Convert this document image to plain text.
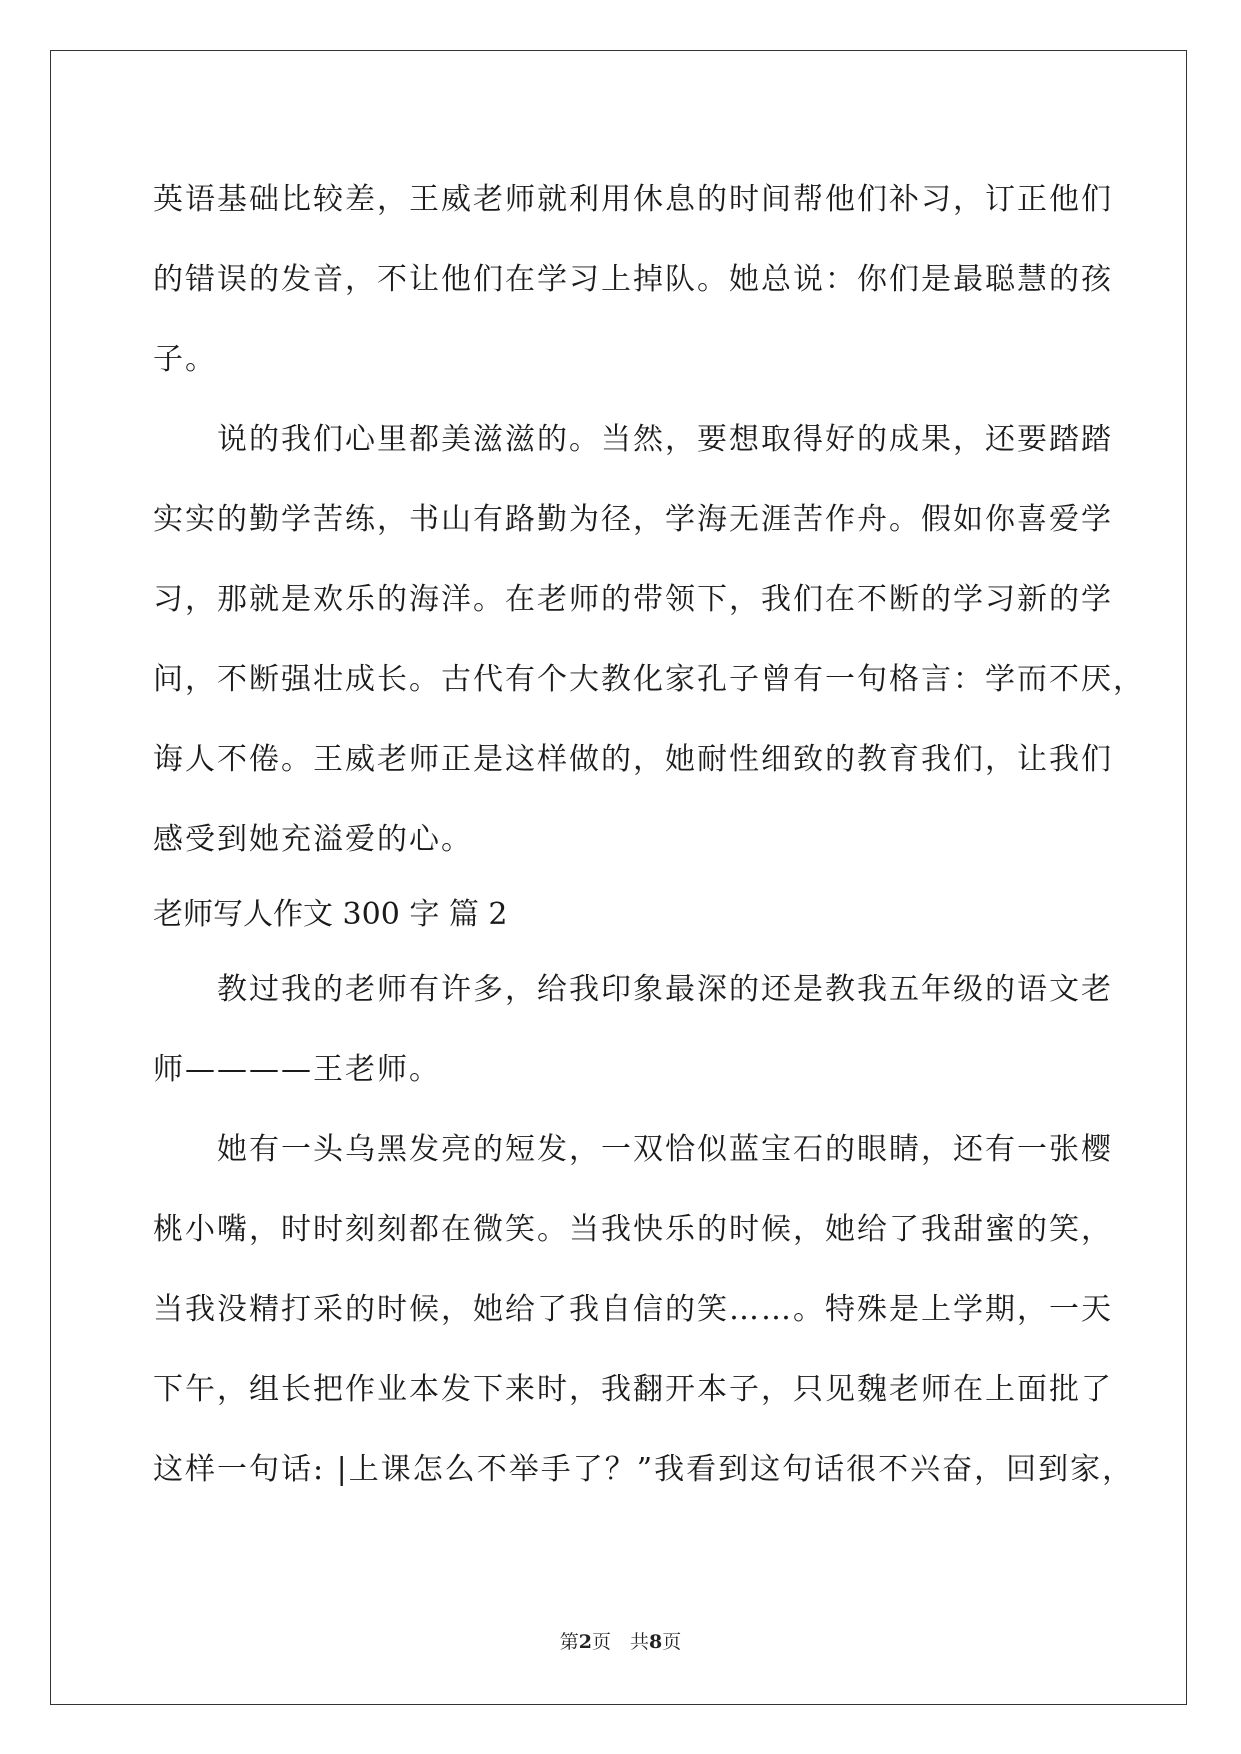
英语基础比较差，王威老师就利用休息的时间帮他们补习，订正他们
的错误的发音，不让他们在学习上掉队。她总说：你们是最聪慧的孩
子。
　　说的我们心里都美滋滋的。当然，要想取得好的成果，还要踏踏
实实的勤学苦练，书山有路勤为径，学海无涯苦作舟。假如你喜爱学
习，那就是欢乐的海洋。在老师的带领下，我们在不断的学习新的学
问，不断强壮成长。古代有个大教化家孔子曾有一句格言：学而不厌，
诲人不倦。王威老师正是这样做的，她耐性细致的教育我们，让我们
感受到她充溢爱的心。
老师写人作文 300 字 篇 2
　　教过我的老师有许多，给我印象最深的还是教我五年级的语文老
师————王老师。
　　她有一头乌黑发亮的短发，一双恰似蓝宝石的眼睛，还有一张樱
桃小嘴，时时刻刻都在微笑。当我快乐的时候，她给了我甜蜜的笑，
当我没精打采的时候，她给了我自信的笑……。特殊是上学期，一天
下午，组长把作业本发下来时，我翻开本子，只见魏老师在上面批了
这样一句话: |上课怎么不举手了？”我看到这句话很不兴奋，回到家，
第2页　共8页
